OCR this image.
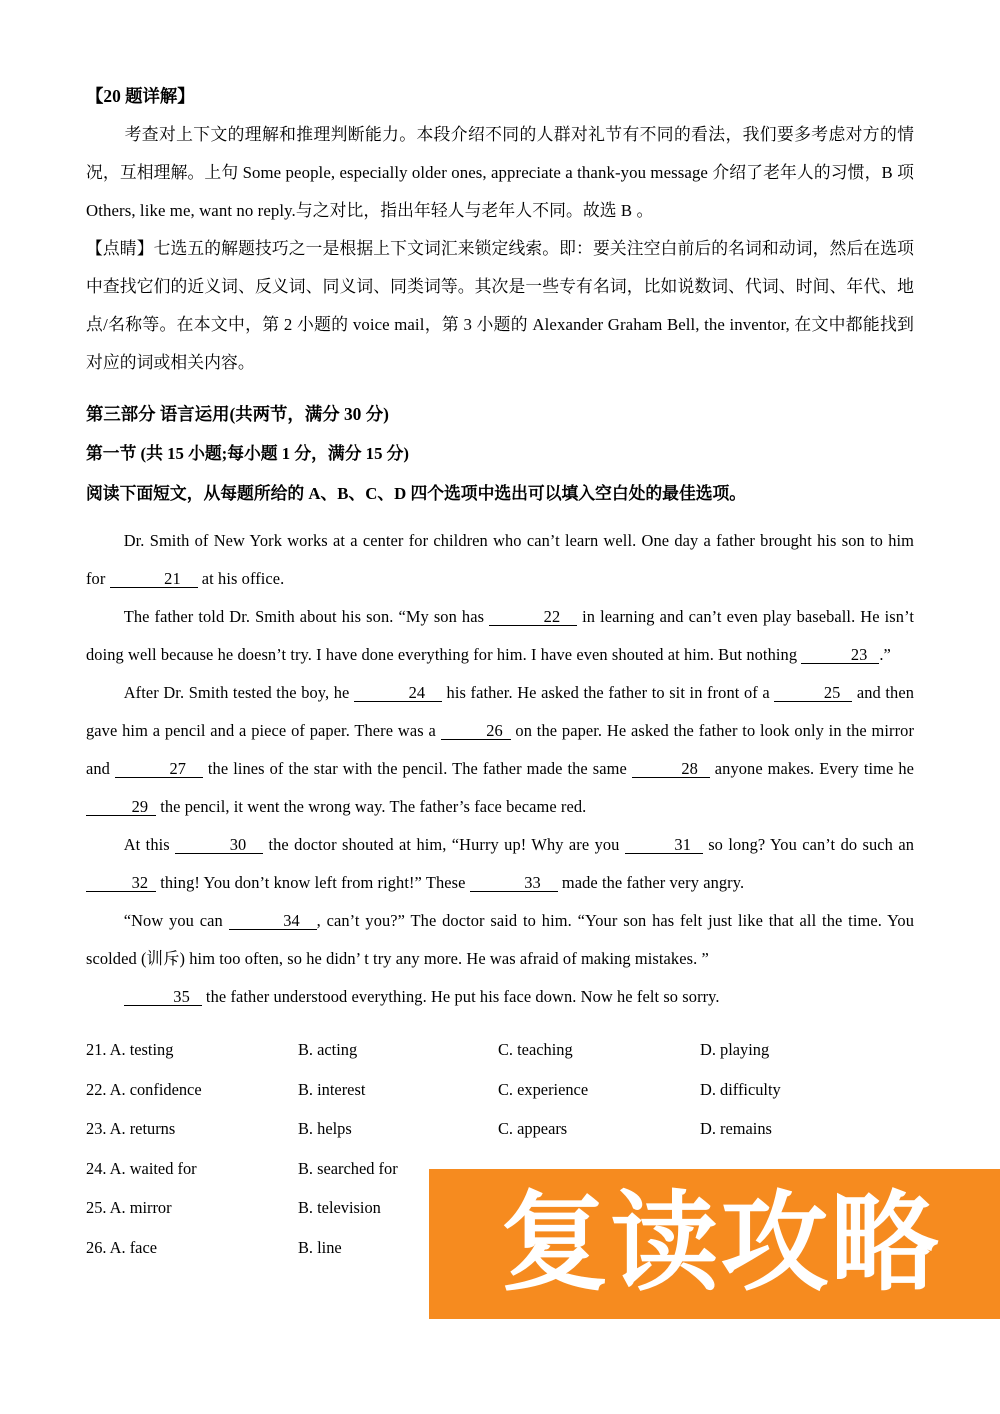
【20 题详解】
考查对上下文的理解和推理判断能力。本段介绍不同的人群对礼节有不同的看法，我们要多考虑对方的情况，互相理解。上句 Some people, especially older ones, appreciate a thank-you message 介绍了老年人的习惯，B 项 Others, like me, want no reply.与之对比，指出年轻人与老年人不同。故选 B 。
【点睛】七选五的解题技巧之一是根据上下文词汇来锁定线索。即：要关注空白前后的名词和动词，然后在选项中查找它们的近义词、反义词、同义词、同类词等。其次是一些专有名词，比如说数词、代词、时间、年代、地点/名称等。在本文中，第 2 小题的 voice mail，第 3 小题的 Alexander Graham Bell, the inventor, 在文中都能找到对应的词或相关内容。
第三部分 语言运用(共两节，满分 30 分)
第一节 (共 15 小题;每小题 1 分，满分 15 分)
阅读下面短文，从每题所给的 A、B、C、D 四个选项中选出可以填入空白处的最佳选项。
Dr. Smith of New York works at a center for children who can’t learn well. One day a father brought his son to him for	21 at his office.
The father told Dr. Smith about his son. “My son has	22 in learning and can’t even play baseball. He isn’t doing well because he doesn’t try. I have done everything for him. I have even shouted at him. But nothing	23 .”
After Dr. Smith tested the boy, he	24 his father. He asked the father to sit in front of a	25 and then gave him a pencil and a piece of paper. There was a	26 on the paper. He asked the father to look only in the mirror and	27 the lines of the star with the pencil. The father made the same	28 anyone makes. Every time he 29 the pencil, it went the wrong way. The father’s face became red.
At this	30 the doctor shouted at him, “Hurry up! Why are you	31 so long? You can’t do such an 32 thing! You don’t know left from right!” These	33 made the father very angry.
“Now you can	34 , can’t you?” The doctor said to him. “Your son has felt just like that all the time. You scolded (训斥) him too often, so he didn’ t try any more. He was afraid of making mistakes. ”
35 the father understood everything. He put his face down. Now he felt so sorry.
21. A. testing	B. acting	C. teaching	D. playing
22. A. confidence	B. interest	C. experience	D. difficulty
23. A. returns	B. helps	C. appears	D. remains
24. A. waited for	B. searched for
25. A. mirror	B. television
26. A. face	B. line 复读攻略
